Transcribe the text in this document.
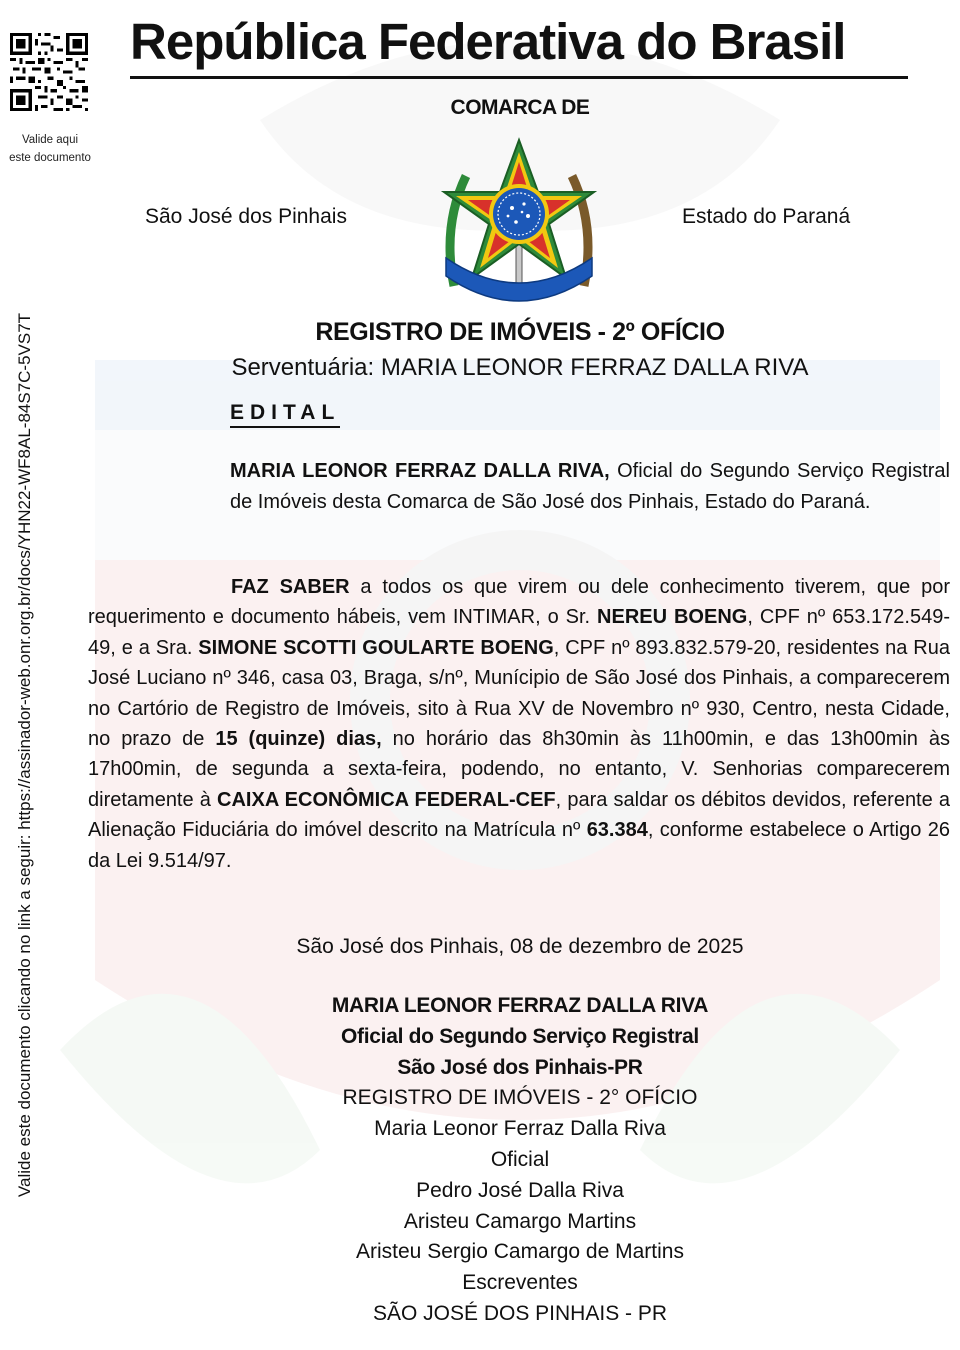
Valide aqui
este documento
Valide este documento clicando no link a seguir: https://assinador-web.onr.org.br/docs/YHN22-WF8AL-84S7C-5VS7T
República Federativa do Brasil
COMARCA DE
São José dos Pinhais	Estado do Paraná
REGISTRO DE IMÓVEIS - 2º OFÍCIO
Serventuária: MARIA LEONOR FERRAZ DALLA RIVA
EDITAL
MARIA LEONOR FERRAZ DALLA RIVA, Oficial do Segundo Serviço Registral de Imóveis desta Comarca de São José dos Pinhais, Estado do Paraná.
FAZ SABER a todos os que virem ou dele conhecimento tiverem, que por requerimento e documento hábeis, vem INTIMAR, o Sr. NEREU BOENG, CPF nº 653.172.549-49, e a Sra. SIMONE SCOTTI GOULARTE BOENG, CPF nº 893.832.579-20, residentes na Rua José Luciano nº 346, casa 03, Braga, s/nº, Munícipio de São José dos Pinhais, a comparecerem no Cartório de Registro de Imóveis, sito à Rua XV de Novembro nº 930, Centro, nesta Cidade, no prazo de 15 (quinze) dias, no horário das 8h30min às 11h00min, e das 13h00min às 17h00min, de segunda a sexta-feira, podendo, no entanto, V. Senhorias comparecerem diretamente à CAIXA ECONÔMICA FEDERAL-CEF, para saldar os débitos devidos, referente a Alienação Fiduciária do imóvel descrito na Matrícula nº 63.384, conforme estabelece o Artigo 26 da Lei 9.514/97.
São José dos Pinhais, 08 de dezembro de 2025
MARIA LEONOR FERRAZ DALLA RIVA
Oficial do Segundo Serviço Registral
São José dos Pinhais-PR
REGISTRO DE IMÓVEIS - 2° OFÍCIO
Maria Leonor Ferraz Dalla Riva
Oficial
Pedro José Dalla Riva
Aristeu Camargo Martins
Aristeu Sergio Camargo de Martins
Escreventes
SÃO JOSÉ DOS PINHAIS - PR
